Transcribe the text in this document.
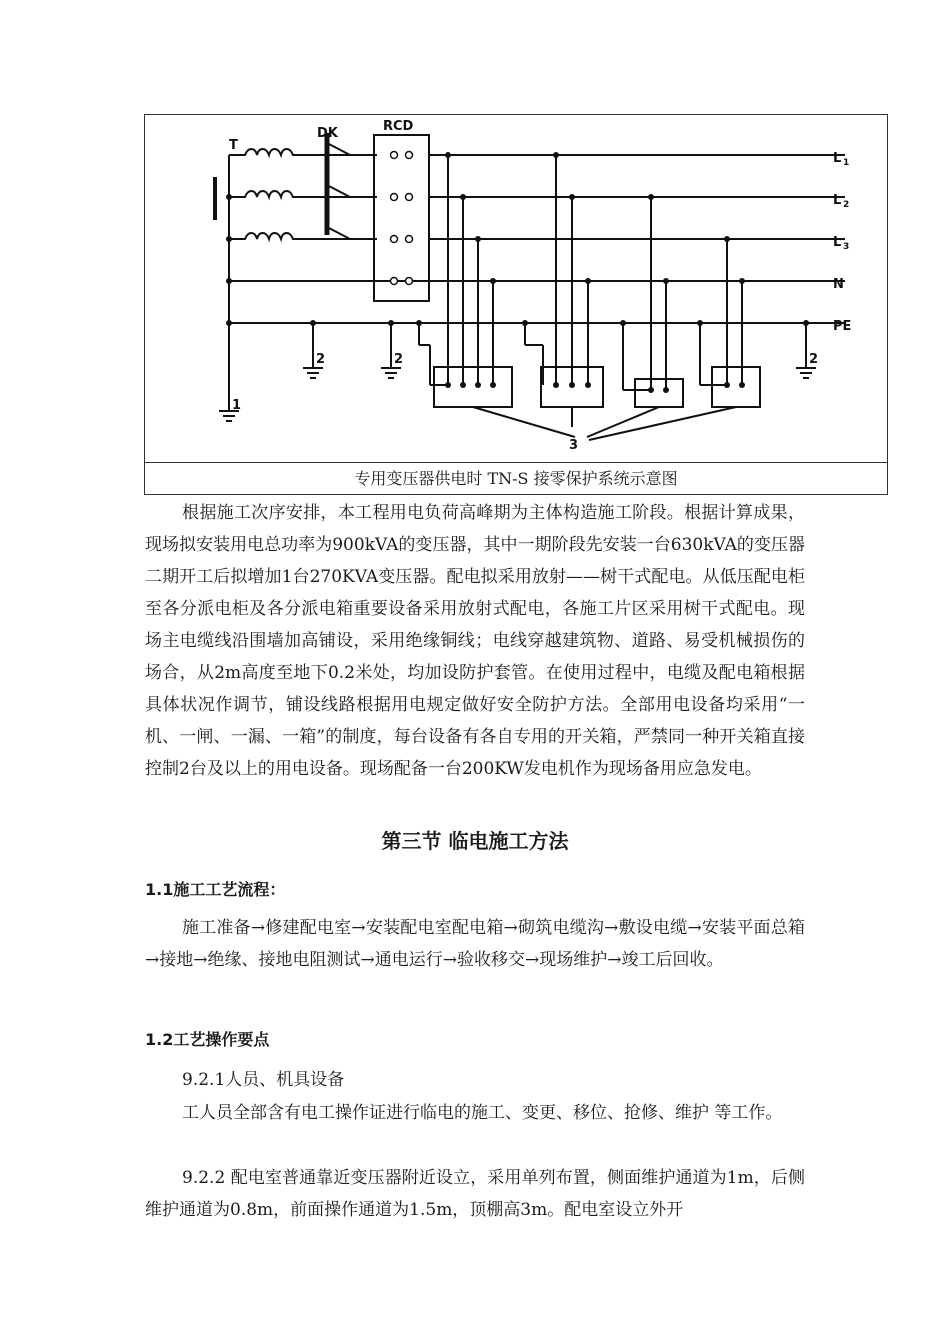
T
DK	RCD
L 1
L 2
L 3
N
PE
1
2	2	2
3
专用变压器供电时 TN-S 接零保护系统示意图

根据施工次序安排，本工程用电负荷高峰期为主体构造施工阶段。根据计算成果，现场拟安装用电总功率为900kVA的变压器，其中一期阶段先安装一台630kVA的变压器二期开工后拟增加1台270KVA变压器。配电拟采用放射——树干式配电。从低压配电柜至各分派电柜及各分派电箱重要设备采用放射式配电，各施工片区采用树干式配电。现场主电缆线沿围墙加高铺设，采用绝缘铜线；电线穿越建筑物、道路、易受机械损伤的场合，从2m高度至地下0.2米处，均加设防护套管。在使用过程中，电缆及配电箱根据具体状况作调节，铺设线路根据用电规定做好安全防护方法。全部用电设备均采用“一机、一闸、一漏、一箱”的制度，每台设备有各自专用的开关箱，严禁同一种开关箱直接控制2台及以上的用电设备。现场配备一台200KW发电机作为现场备用应急发电。

第三节 临电施工方法
1.1施工工艺流程：

施工准备→修建配电室→安装配电室配电箱→砌筑电缆沟→敷设电缆→安装平面总箱→接地→绝缘、接地电阻测试→通电运行→验收移交→现场维护→竣工后回收。

1.2工艺操作要点

9.2.1人员、机具设备

工人员全部含有电工操作证进行临电的施工、变更、移位、抢修、维护 等工作。

9.2.2 配电室普通靠近变压器附近设立，采用单列布置，侧面维护通道为1m，后侧维护通道为0.8m，前面操作通道为1.5m，顶棚高3m。配电室设立外开
